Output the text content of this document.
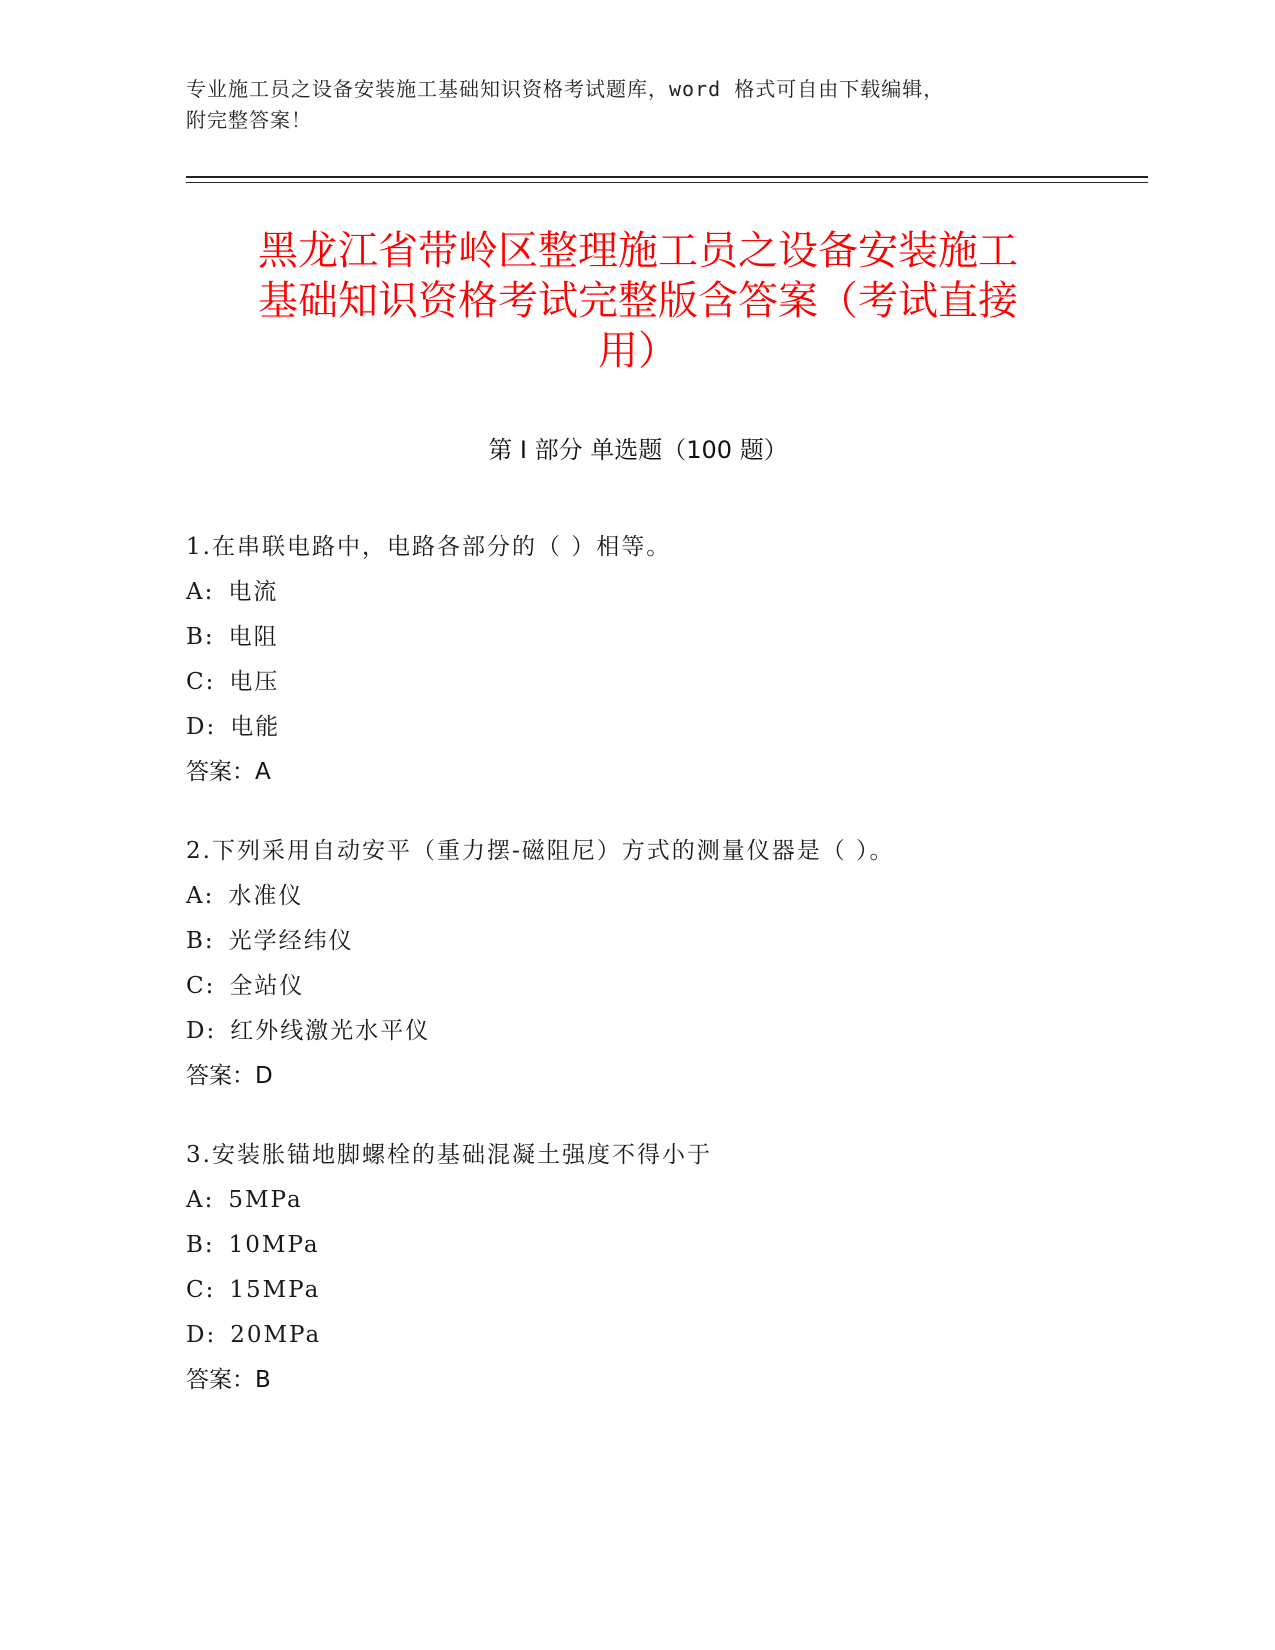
专业施工员之设备安装施工基础知识资格考试题库，word 格式可自由下载编辑，
附完整答案！
黑龙江省带岭区整理施工员之设备安装施工
基础知识资格考试完整版含答案（考试直接
用）
第 I 部分 单选题（100 题）
1.在串联电路中，电路各部分的（ ）相等。
A: 电流
B: 电阻
C: 电压
D: 电能
答案：A
2.下列采用自动安平（重力摆-磁阻尼）方式的测量仪器是（ ）。
A: 水准仪
B: 光学经纬仪
C: 全站仪
D: 红外线激光水平仪
答案：D
3.安装胀锚地脚螺栓的基础混凝土强度不得小于
A: 5MPa
B: 10MPa
C: 15MPa
D: 20MPa
答案：B
